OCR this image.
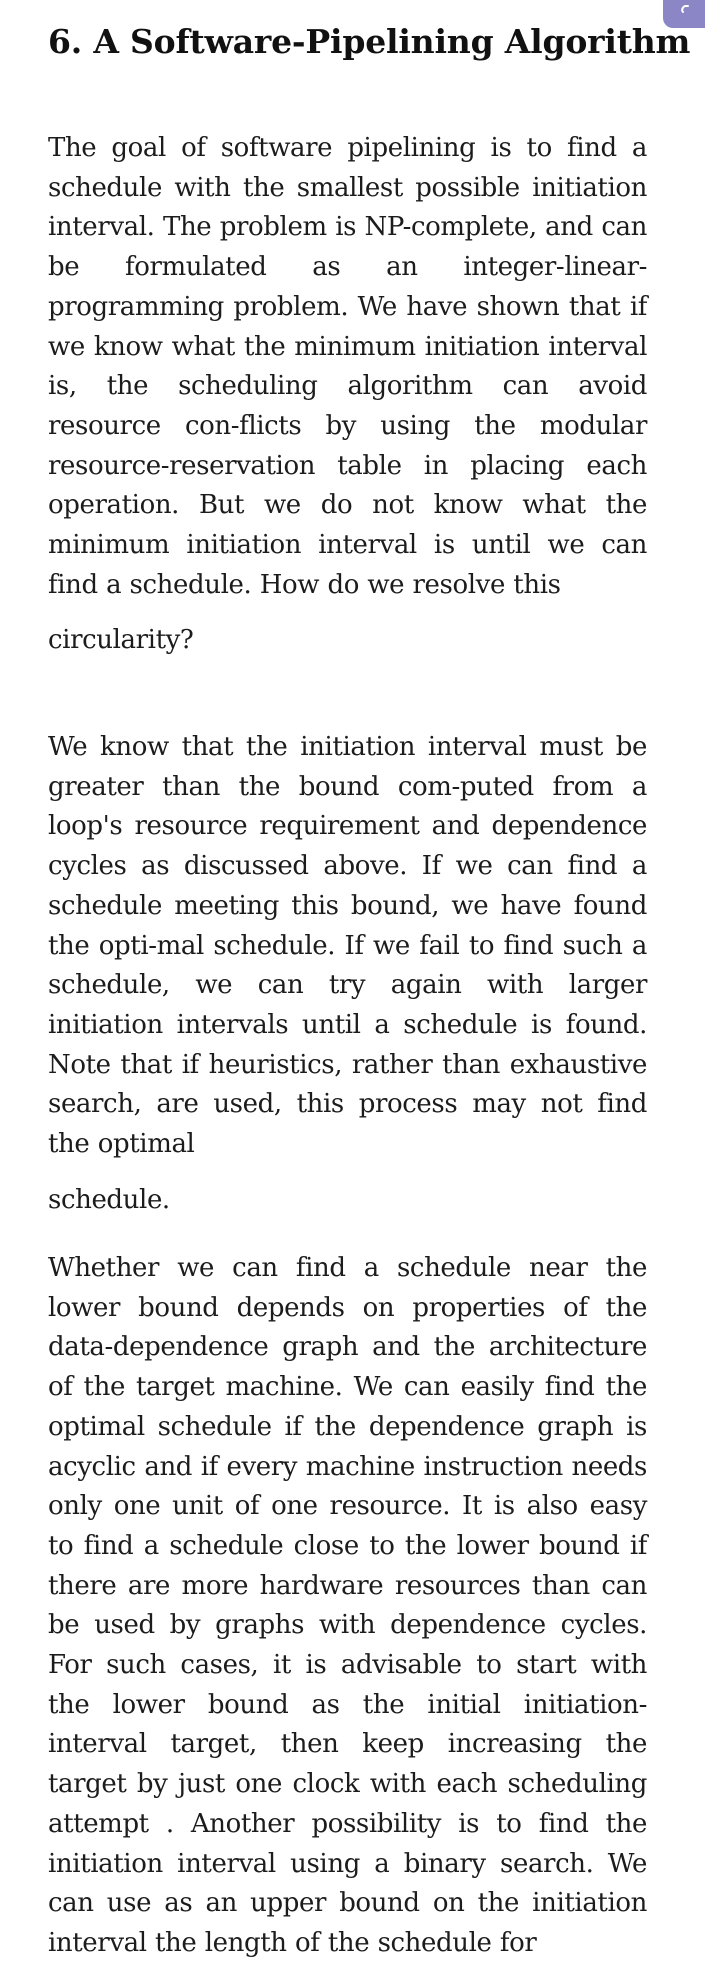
6. A Software-Pipelining Algorithm

The goal of software pipelining is to find a schedule with the smallest possible initiation interval. The problem is NP-complete, and can be formulated as an integer-linear-programming problem. We have shown that if we know what the minimum initiation interval is, the scheduling algorithm can avoid resource con-flicts by using the modular resource-reservation table in placing each operation. But we do not know what the minimum initiation interval is until we can find a schedule. How do we resolve this
circularity?

We know that the initiation interval must be greater than the bound com-puted from a loop's resource requirement and dependence cycles as discussed above. If we can find a schedule meeting this bound, we have found the opti-mal schedule. If we fail to find such a schedule, we can try again with larger initiation intervals until a schedule is found. Note that if heuristics, rather than exhaustive search, are used, this process may not find the optimal
schedule.

Whether we can find a schedule near the lower bound depends on properties of the data-dependence graph and the architecture of the target machine. We can easily find the optimal schedule if the dependence graph is acyclic and if every machine instruction needs only one unit of one resource. It is also easy to find a schedule close to the lower bound if there are more hardware resources than can be used by graphs with dependence cycles. For such cases, it is advisable to start with the lower bound as the initial initiation-interval target, then keep increasing the target by just one clock with each scheduling attempt . Another possibility is to find the initiation interval using a binary search. We can use as an upper bound on the initiation interval the length of the schedule for
